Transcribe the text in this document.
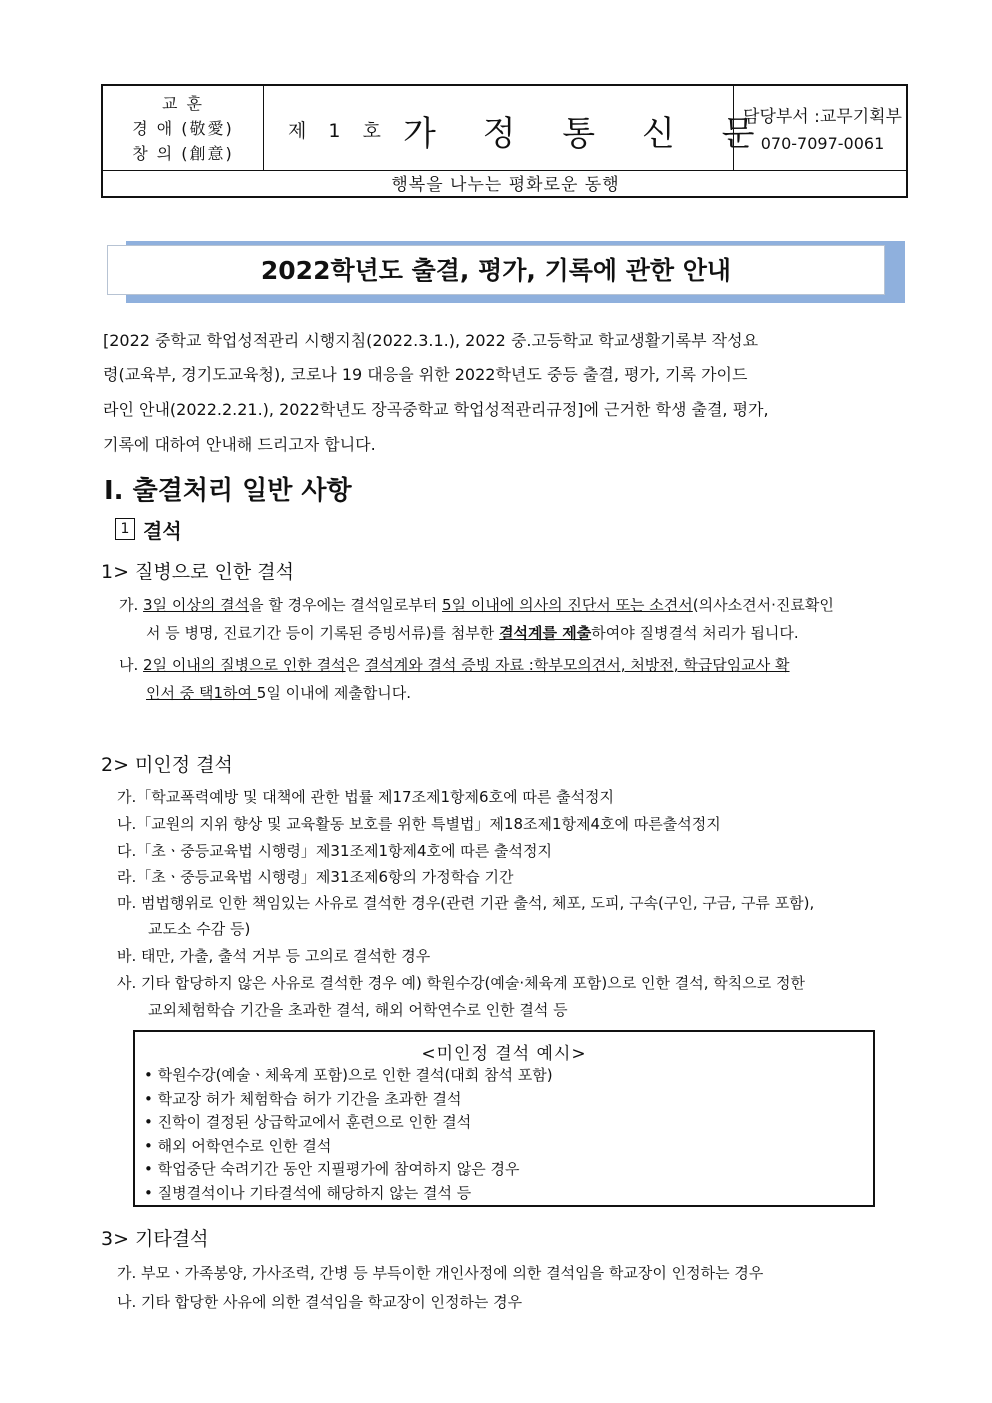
교 훈
경 애 (敬愛)
창 의 (創意)
제 1 호 가 정 통 신 문
담당부서 :교무기획부
070-7097-0061
행복을 나누는 평화로운 동행
2022학년도 출결, 평가, 기록에 관한 안내
[2022 중학교 학업성적관리 시행지침(2022.3.1.), 2022 중.고등학교 학교생활기록부 작성요
령(교육부, 경기도교육청), 코로나 19 대응을 위한 2022학년도 중등 출결, 평가, 기록 가이드
라인 안내(2022.2.21.), 2022학년도 장곡중학교 학업성적관리규정]에 근거한 학생 출결, 평가,
기록에 대하여 안내해 드리고자 합니다.
Ⅰ. 출결처리 일반 사항
1 결석
1> 질병으로 인한 결석
가. 3일 이상의 결석을 할 경우에는 결석일로부터 5일 이내에 의사의 진단서 또는 소견서(의사소견서·진료확인
서 등 병명, 진료기간 등이 기록된 증빙서류)를 첨부한 결석계를 제출하여야 질병결석 처리가 됩니다.
나. 2일 이내의 질병으로 인한 결석은 결석계와 결석 증빙 자료 :학부모의견서, 처방전, 학급담임교사 확
인서 중 택1하여 5일 이내에 제출합니다.
2> 미인정 결석
가.「학교폭력예방 및 대책에 관한 법률 제17조제1항제6호에 따른 출석정지
나.「교원의 지위 향상 및 교육활동 보호를 위한 특별법」제18조제1항제4호에 따른출석정지
다.「초ㆍ중등교육법 시행령」제31조제1항제4호에 따른 출석정지
라.「초ㆍ중등교육법 시행령」제31조제6항의 가정학습 기간
마. 범법행위로 인한 책임있는 사유로 결석한 경우(관련 기관 출석, 체포, 도피, 구속(구인, 구금, 구류 포함),
교도소 수감 등)
바. 태만, 가출, 출석 거부 등 고의로 결석한 경우
사. 기타 합당하지 않은 사유로 결석한 경우 예) 학원수강(예술·체육계 포함)으로 인한 결석, 학칙으로 정한
교외체험학습 기간을 초과한 결석, 해외 어학연수로 인한 결석 등
<미인정 결석 예시>
• 학원수강(예술ㆍ체육계 포함)으로 인한 결석(대회 참석 포함)
• 학교장 허가 체험학습 허가 기간을 초과한 결석
• 진학이 결정된 상급학교에서 훈련으로 인한 결석
• 해외 어학연수로 인한 결석
• 학업중단 숙려기간 동안 지필평가에 참여하지 않은 경우
• 질병결석이나 기타결석에 해당하지 않는 결석 등
3> 기타결석
가. 부모ㆍ가족봉양, 가사조력, 간병 등 부득이한 개인사정에 의한 결석임을 학교장이 인정하는 경우
나. 기타 합당한 사유에 의한 결석임을 학교장이 인정하는 경우
